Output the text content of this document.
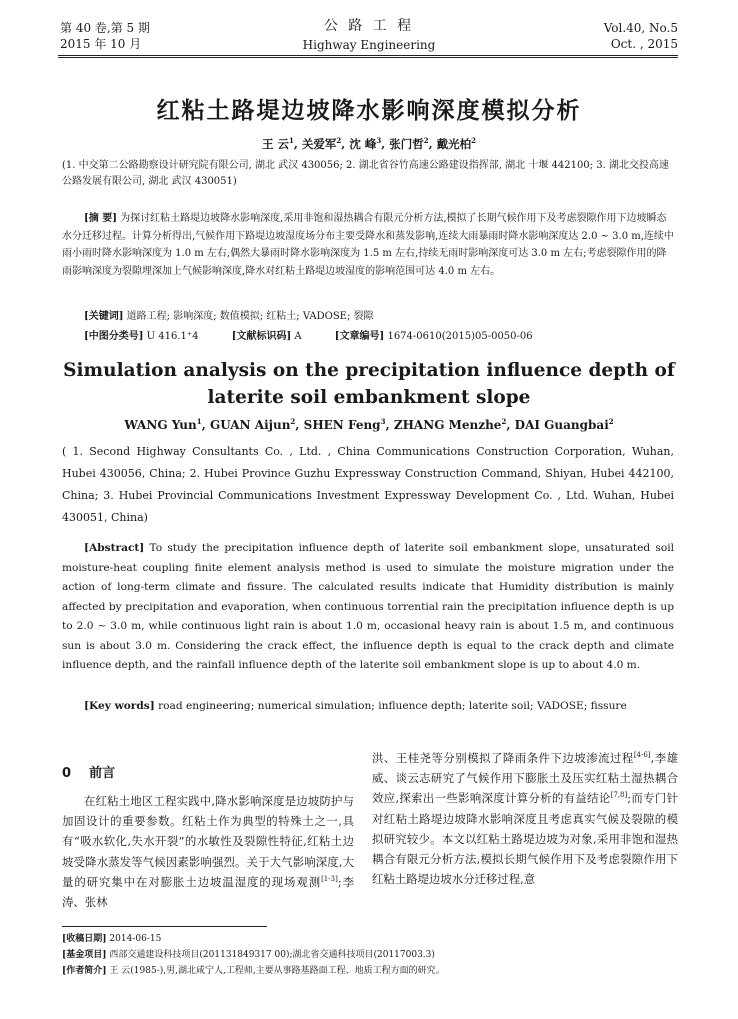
第 40 卷,第 5 期
2015 年 10 月
公 路 工 程
Highway Engineering
Vol.40, No.5
Oct. , 2015
红粘土路堤边坡降水影响深度模拟分析
王 云$^1$, 关爱军$^2$, 沈 峰$^3$, 张门哲$^2$, 戴光柏$^2$
(1. 中交第二公路勘察设计研究院有限公司, 湖北 武汉 430056; 2. 湖北省谷竹高速公路建设指挥部, 湖北 十堰 442100; 3. 湖北交投高速公路发展有限公司, 湖北 武汉 430051)
[摘 要] 为探讨红粘土路堤边坡降水影响深度,采用非饱和湿热耦合有限元分析方法,模拟了长期气候作用下及考虑裂隙作用下边坡瞬态水分迁移过程。计算分析得出,气候作用下路堤边坡湿度场分布主要受降水和蒸发影响,连续大雨暴雨时降水影响深度达 2.0 ~ 3.0 m,连续中雨小雨时降水影响深度为 1.0 m 左右,偶然大暴雨时降水影响深度为 1.5 m 左右,持续无雨时影响深度可达 3.0 m 左右;考虑裂隙作用的降雨影响深度为裂隙埋深加上气候影响深度,降水对红粘土路堤边坡湿度的影响范围可达 4.0 m 左右。
[关键词] 道路工程; 影响深度; 数值模拟; 红粘土; VADOSE; 裂隙
[中图分类号] U 416.1⁺4	[文献标识码] A	[文章编号] 1674-0610(2015)05-0050-06
Simulation analysis on the precipitation influence depth of
laterite soil embankment slope
WANG Yun$^1$, GUAN Aijun$^2$, SHEN Feng$^3$, ZHANG Menzhe$^2$, DAI Guangbai$^2$
( 1. Second Highway Consultants Co. , Ltd. , China Communications Construction Corporation, Wuhan, Hubei 430056, China; 2. Hubei Province Guzhu Expressway Construction Command, Shiyan, Hubei 442100, China; 3. Hubei Provincial Communications Investment Expressway Development Co. , Ltd. Wuhan, Hubei 430051, China)
[Abstract] To study the precipitation influence depth of laterite soil embankment slope, unsaturated soil moisture-heat coupling finite element analysis method is used to simulate the moisture migration under the action of long-term climate and fissure. The calculated results indicate that Humidity distribution is mainly affected by precipitation and evaporation, when continuous torrential rain the precipitation influence depth is up to 2.0 ~ 3.0 m, while continuous light rain is about 1.0 m, occasional heavy rain is about 1.5 m, and continuous sun is about 3.0 m. Considering the crack effect, the influence depth is equal to the crack depth and climate influence depth, and the rainfall influence depth of the laterite soil embankment slope is up to about 4.0 m.
[Key words] road engineering; numerical simulation; influence depth; laterite soil; VADOSE; fissure
0 前言
在红粘土地区工程实践中,降水影响深度是边坡防护与加固设计的重要参数。红粘土作为典型的特殊土之一,具有“吸水软化,失水开裂”的水敏性及裂隙性特征,红粘土边坡受降水蒸发等气候因素影响强烈。关于大气影响深度,大量的研究集中在对膨胀土边坡温湿度的现场观测[1-3];李涛、张林
洪、王桂尧等分别模拟了降雨条件下边坡渗流过程[4-6],李雄威、谈云志研究了气候作用下膨胀土及压实红粘土湿热耦合效应,探索出一些影响深度计算分析的有益结论[7,8];而专门针对红粘土路堤边坡降水影响深度且考虑真实气候及裂隙的模拟研究较少。本文以红粘土路堤边坡为对象,采用非饱和湿热耦合有限元分析方法,模拟长期气候作用下及考虑裂隙作用下红粘土路堤边坡水分迁移过程,意
[收稿日期] 2014-06-15
[基金项目] 西部交通建设科技项目(201131849317 00);湖北省交通科技项目(20117003.3)
[作者简介] 王 云(1985-),男,湖北咸宁人,工程师,主要从事路基路面工程、地质工程方面的研究。
